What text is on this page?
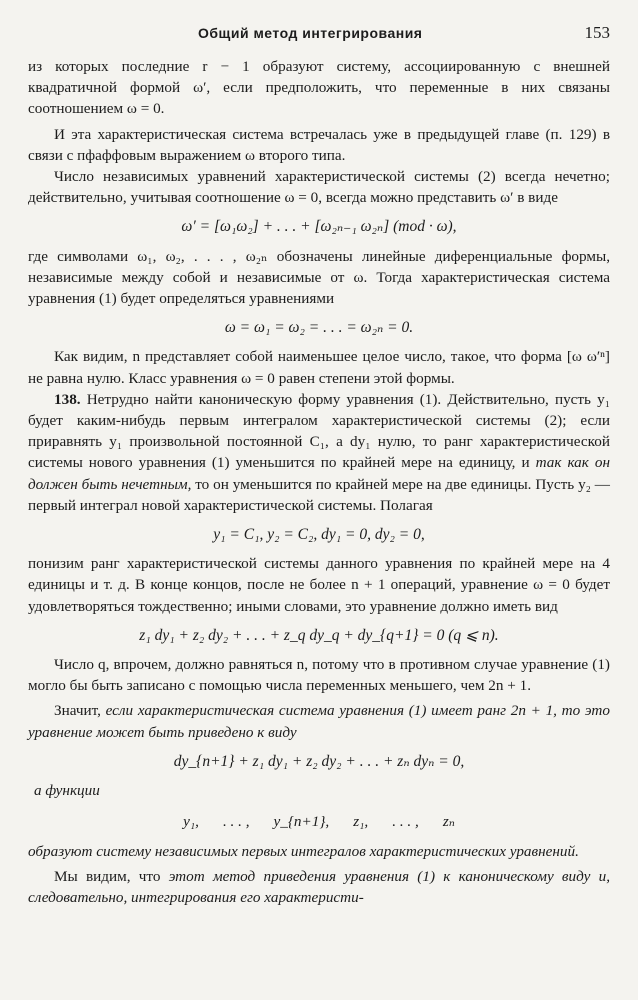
Общий метод интегрирования	153

из которых последние r − 1 образуют систему, ассоциированную с внешней квадратичной формой ω′, если предположить, что переменные в них связаны соотношением ω = 0.

И эта характеристическая система встречалась уже в предыдущей главе (п. 129) в связи с пфаффовым выражением ω второго типа.

Число независимых уравнений характеристической системы (2) всегда нечетно; действительно, учитывая соотношение ω = 0, всегда можно представить ω′ в виде

ω′ = [ω₁ω₂] + . . . + [ω₂ₙ₋₁ ω₂ₙ] (mod · ω),

где символами ω₁, ω₂, . . . , ω₂ₙ обозначены линейные диференциальные формы, независимые между собой и независимые от ω. Тогда характеристическая система уравнения (1) будет определяться уравнениями

ω = ω₁ = ω₂ = . . . = ω₂ₙ = 0.

Как видим, n представляет собой наименьшее целое число, такое, что форма [ω ω′ⁿ] не равна нулю. Класс уравнения ω = 0 равен степени этой формы.

138. Нетрудно найти каноническую форму уравнения (1). Действительно, пусть y₁ будет каким-нибудь первым интегралом характеристической системы (2); если приравнять y₁ произвольной постоянной C₁, а dy₁ нулю, то ранг характеристической системы нового уравнения (1) уменьшится по крайней мере на единицу, и так как он должен быть нечетным, то он уменьшится по крайней мере на две единицы. Пусть y₂ — первый интеграл новой характеристической системы. Полагая

y₁ = C₁, y₂ = C₂, dy₁ = 0, dy₂ = 0,

понизим ранг характеристической системы данного уравнения по крайней мере на 4 единицы и т. д. В конце концов, после не более n + 1 операций, уравнение ω = 0 будет удовлетворяться тождественно; иными словами, это уравнение должно иметь вид

z₁ dy₁ + z₂ dy₂ + . . . + z_q dy_q + dy_{q+1} = 0 (q ⩽ n).

Число q, впрочем, должно равняться n, потому что в противном случае уравнение (1) могло бы быть записано с помощью числа переменных меньшего, чем 2n + 1.

Значит, если характеристическая система уравнения (1) имеет ранг 2n + 1, то это уравнение может быть приведено к виду

dy_{n+1} + z₁ dy₁ + z₂ dy₂ + . . . + zₙ dyₙ = 0,

а функции

y₁, . . . , y_{n+1}, z₁, . . . , zₙ

образуют систему независимых первых интегралов характеристических уравнений.

Мы видим, что этот метод приведения уравнения (1) к каноническому виду и, следовательно, интегрирования его характеристи-
